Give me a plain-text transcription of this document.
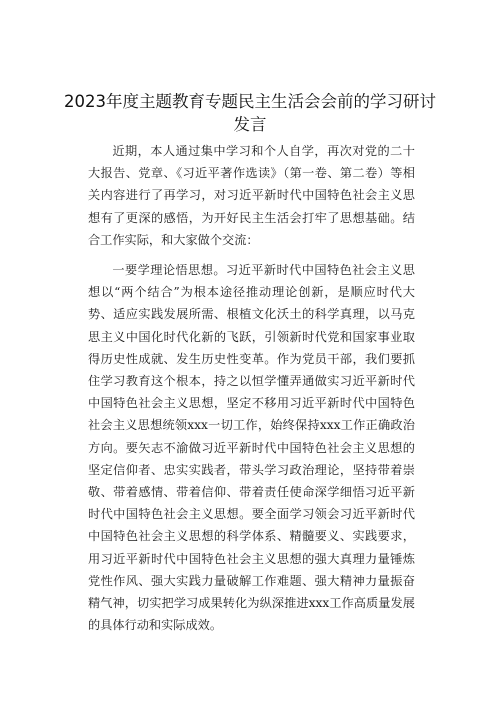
2023年度主题教育专题民主生活会会前的学习研讨发言

近期，本人通过集中学习和个人自学，再次对党的二十大报告、党章、《习近平著作选读》（第一卷、第二卷）等相关内容进行了再学习，对习近平新时代中国特色社会主义思想有了更深的感悟，为开好民主生活会打牢了思想基础。结合工作实际，和大家做个交流：

一要学理论悟思想。习近平新时代中国特色社会主义思想以“两个结合”为根本途径推动理论创新，是顺应时代大势、适应实践发展所需、根植文化沃土的科学真理，以马克思主义中国化时代化新的飞跃，引领新时代党和国家事业取得历史性成就、发生历史性变革。作为党员干部，我们要抓住学习教育这个根本，持之以恒学懂弄通做实习近平新时代中国特色社会主义思想，坚定不移用习近平新时代中国特色社会主义思想统领xxx一切工作，始终保持xxx工作正确政治方向。要矢志不渝做习近平新时代中国特色社会主义思想的坚定信仰者、忠实实践者，带头学习政治理论，坚持带着崇敬、带着感情、带着信仰、带着责任使命深学细悟习近平新时代中国特色社会主义思想。要全面学习领会习近平新时代中国特色社会主义思想的科学体系、精髓要义、实践要求，用习近平新时代中国特色社会主义思想的强大真理力量锤炼党性作风、强大实践力量破解工作难题、强大精神力量振奋精气神，切实把学习成果转化为纵深推进xxx工作高质量发展的具体行动和实际成效。
